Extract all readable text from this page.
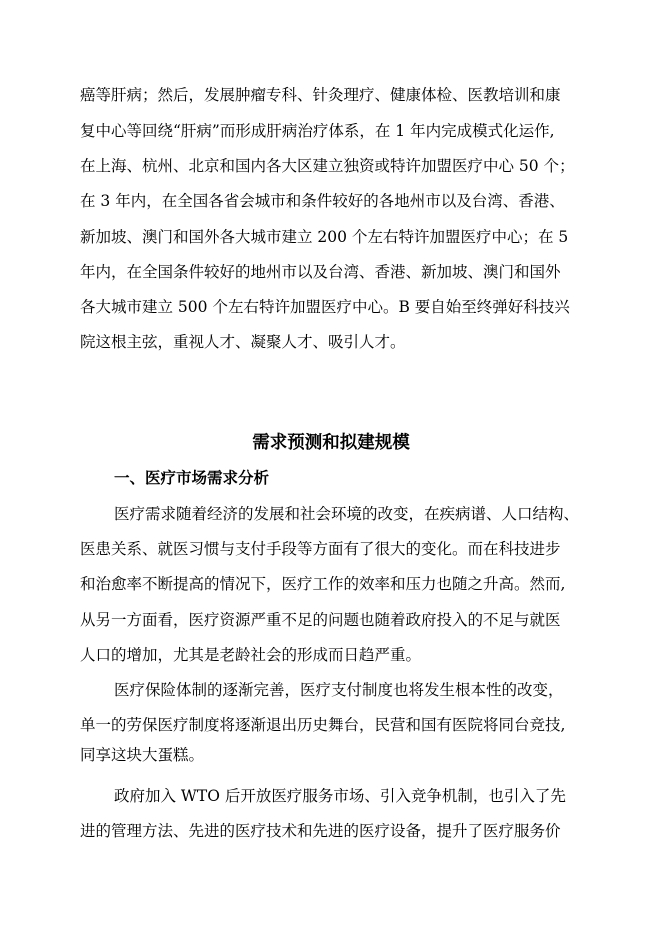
癌等肝病；然后，发展肿瘤专科、针灸理疗、健康体检、医教培训和康
复中心等回绕“肝病”而形成肝病治疗体系，在 1 年内完成模式化运作,
在上海、杭州、北京和国内各大区建立独资或特许加盟医疗中心 50 个；
在 3 年内，在全国各省会城市和条件较好的各地州市以及台湾、香港、
新加坡、澳门和国外各大城市建立 200 个左右特许加盟医疗中心；在 5
年内，在全国条件较好的地州市以及台湾、香港、新加坡、澳门和国外
各大城市建立 500 个左右特许加盟医疗中心。B 要自始至终弹好科技兴
院这根主弦，重视人才、凝聚人才、吸引人才。
需求预测和拟建规模
一、医疗市场需求分析
医疗需求随着经济的发展和社会环境的改变，在疾病谱、人口结构、
医患关系、就医习惯与支付手段等方面有了很大的变化。而在科技进步
和治愈率不断提高的情况下，医疗工作的效率和压力也随之升高。然而,
从另一方面看，医疗资源严重不足的问题也随着政府投入的不足与就医
人口的增加，尤其是老龄社会的形成而日趋严重。
医疗保险体制的逐渐完善，医疗支付制度也将发生根本性的改变，
单一的劳保医疗制度将逐渐退出历史舞台，民营和国有医院将同台竞技,
同享这块大蛋糕。
政府加入 WTO 后开放医疗服务市场、引入竞争机制，也引入了先
进的管理方法、先进的医疗技术和先进的医疗设备，提升了医疗服务价
